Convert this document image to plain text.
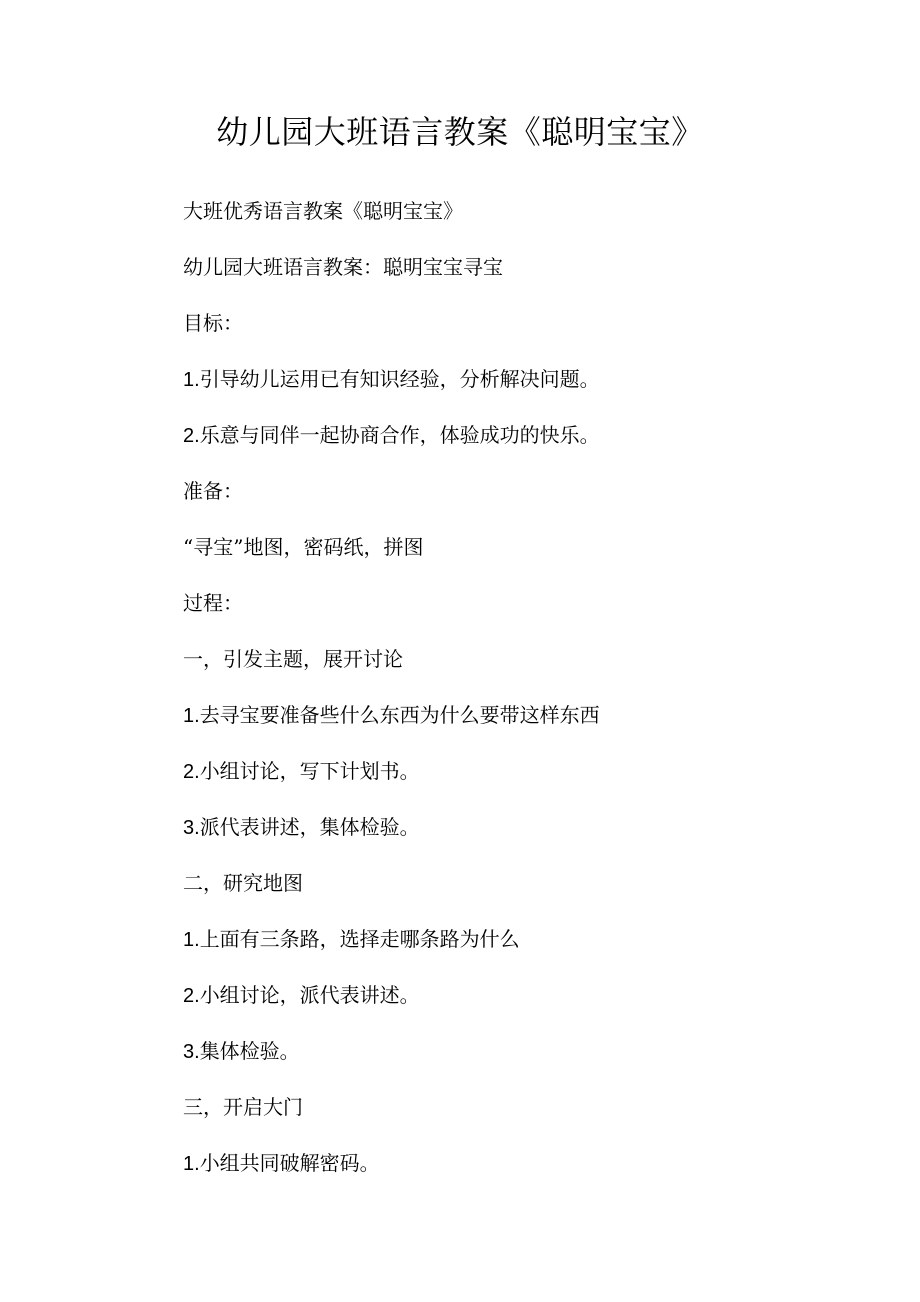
幼儿园大班语言教案《聪明宝宝》

大班优秀语言教案《聪明宝宝》

幼儿园大班语言教案：聪明宝宝寻宝

目标：

1.引导幼儿运用已有知识经验，分析解决问题。

2.乐意与同伴一起协商合作，体验成功的快乐。

准备：

“寻宝”地图，密码纸，拼图

过程：

一，引发主题，展开讨论

1.去寻宝要准备些什么东西为什么要带这样东西

2.小组讨论，写下计划书。

3.派代表讲述，集体检验。

二，研究地图

1.上面有三条路，选择走哪条路为什么

2.小组讨论，派代表讲述。

3.集体检验。

三，开启大门

1.小组共同破解密码。
